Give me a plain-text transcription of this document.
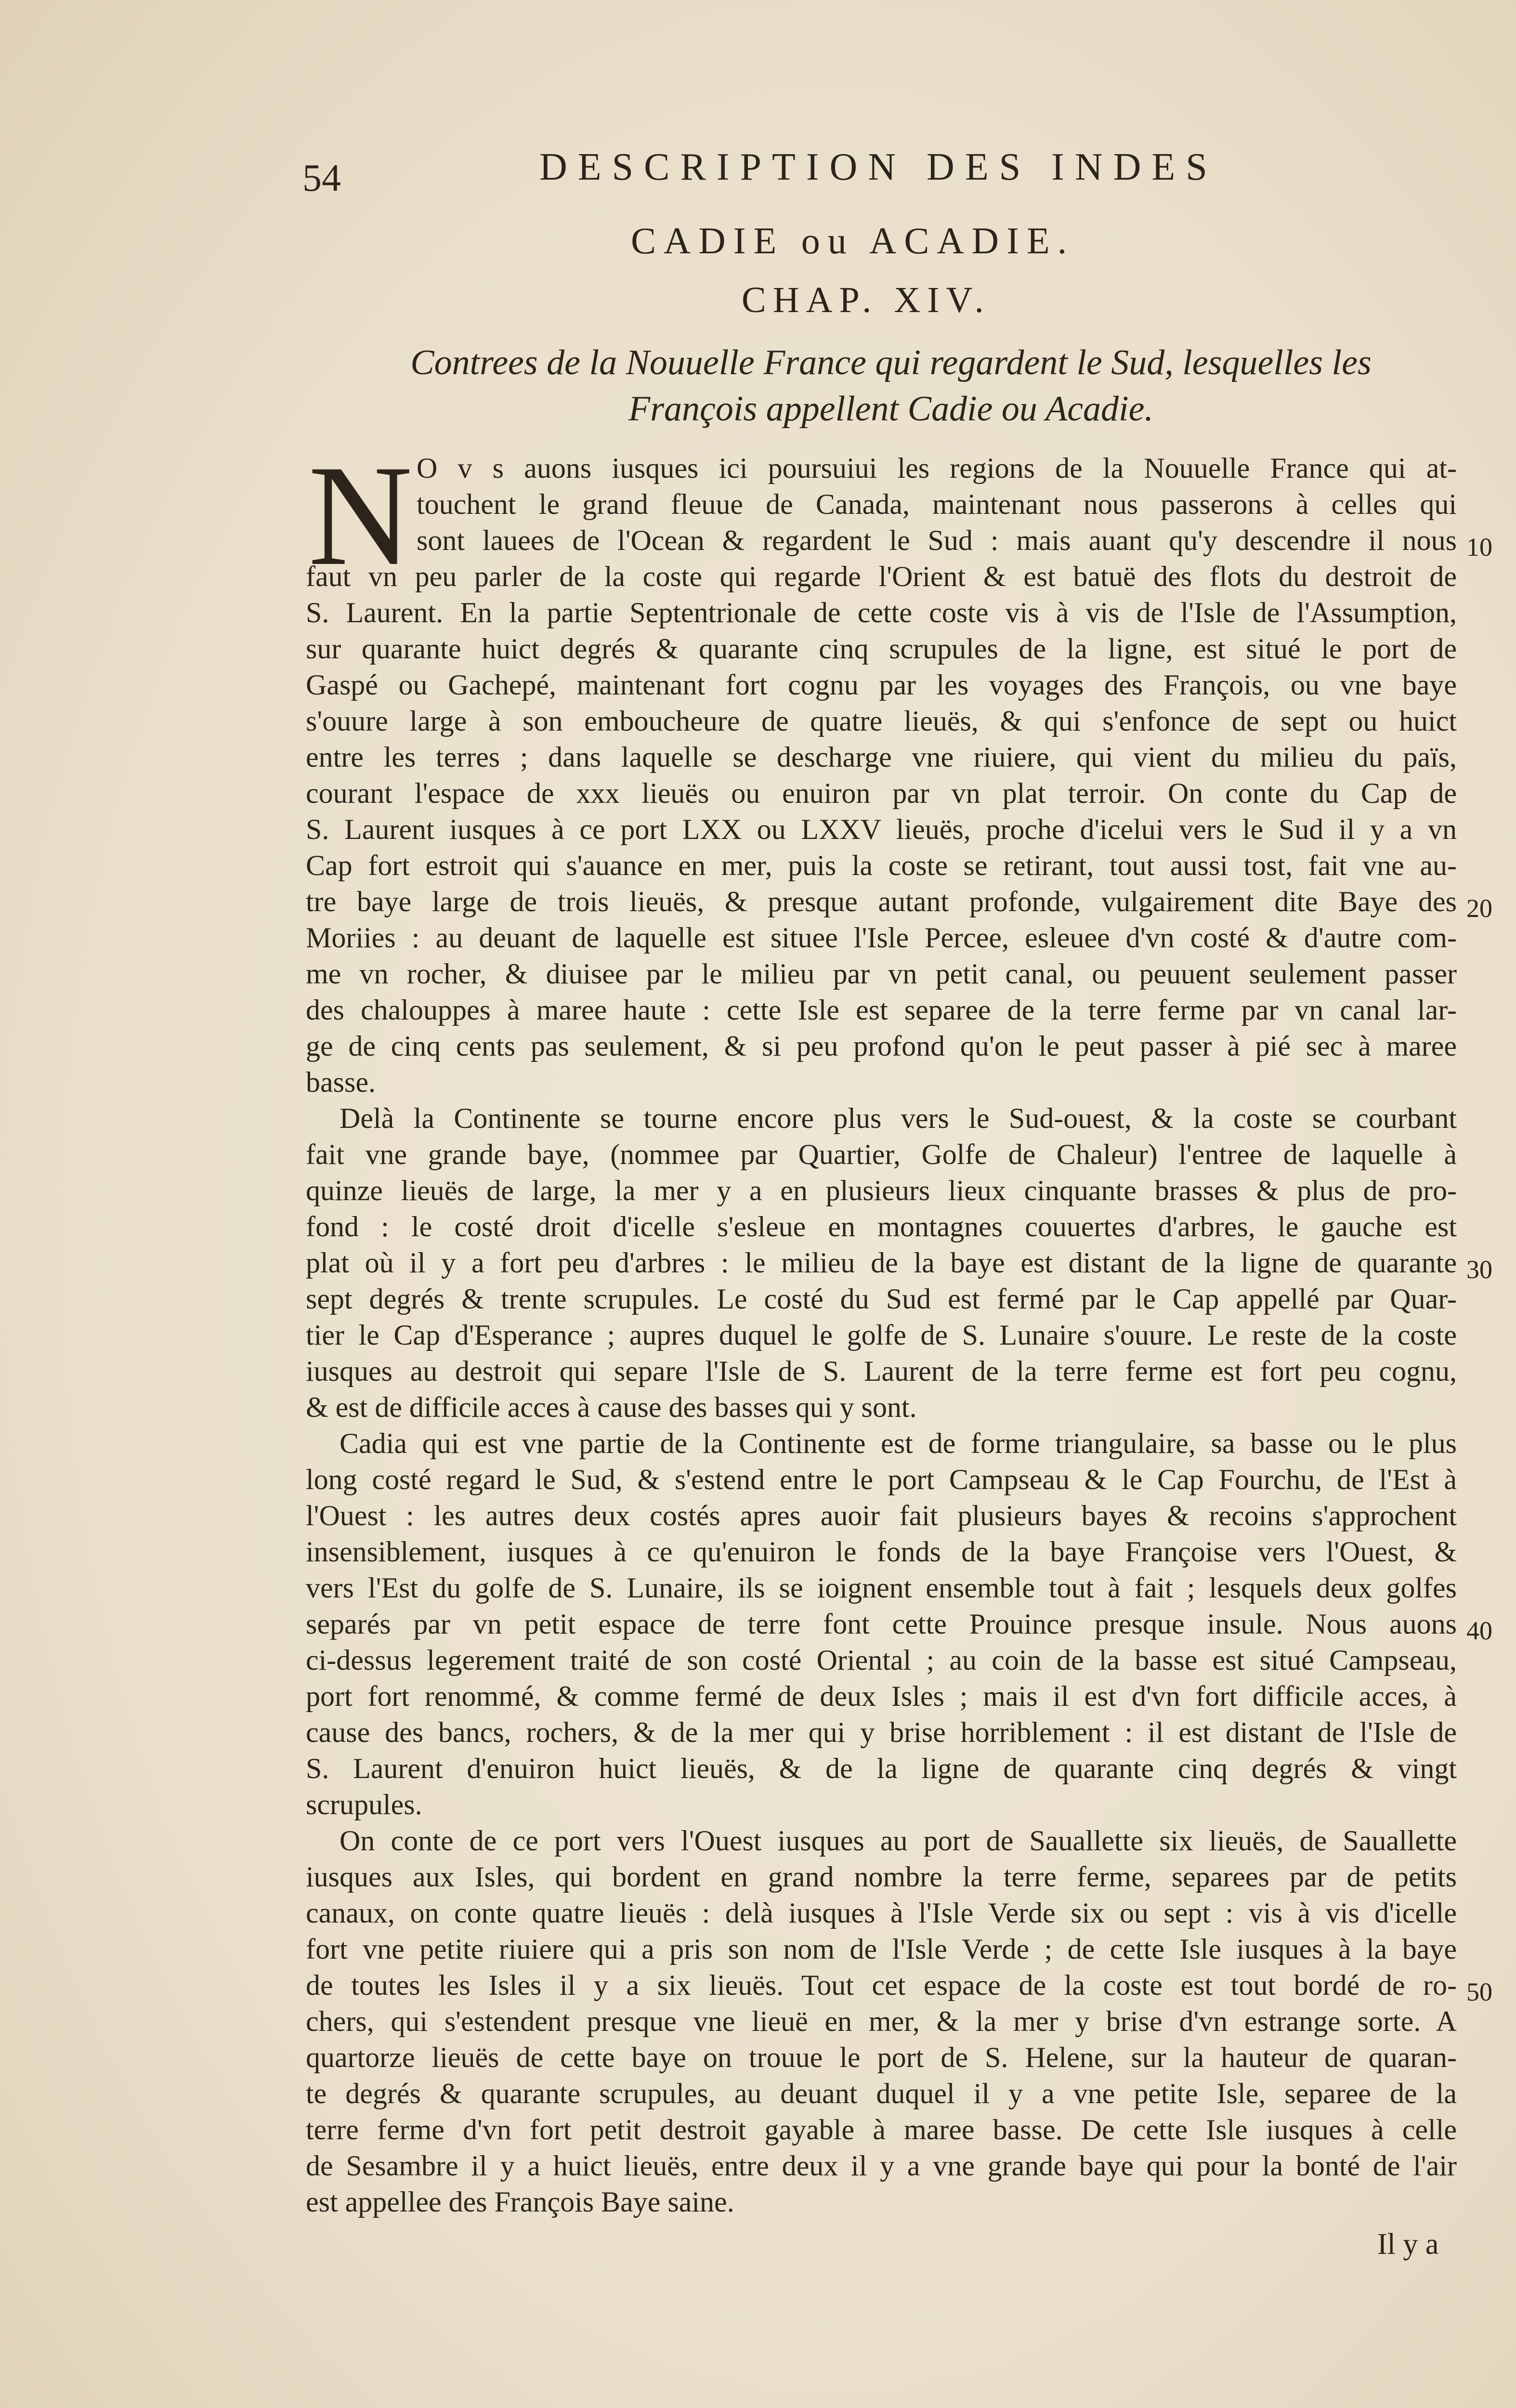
54	DESCRIPTION DES INDES
CADIE ou ACADIE.
CHAP. XIV.
Contrees de la Nouuelle France qui regardent le Sud, lesquelles les François appellent Cadie ou Acadie.
N O v s auons iusques ici poursuiui les regions de la Nouuelle France qui at-
touchent le grand fleuue de Canada, maintenant nous passerons à celles qui
sont lauees de l'Ocean & regardent le Sud : mais auant qu'y descendre il nous
faut vn peu parler de la coste qui regarde l'Orient & est batuë des flots du destroit de
S. Laurent. En la partie Septentrionale de cette coste vis à vis de l'Isle de l'Assumption,
sur quarante huict degrés & quarante cinq scrupules de la ligne, est situé le port de
Gaspé ou Gachepé, maintenant fort cognu par les voyages des François, ou vne baye
s'ouure large à son emboucheure de quatre lieuës, & qui s'enfonce de sept ou huict
entre les terres ; dans laquelle se descharge vne riuiere, qui vient du milieu du païs,
courant l'espace de xxx lieuës ou enuiron par vn plat terroir. On conte du Cap de
S. Laurent iusques à ce port LXX ou LXXV lieuës, proche d'icelui vers le Sud il y a vn
Cap fort estroit qui s'auance en mer, puis la coste se retirant, tout aussi tost, fait vne au-
tre baye large de trois lieuës, & presque autant profonde, vulgairement dite Baye des
Moriies : au deuant de laquelle est situee l'Isle Percee, esleuee d'vn costé & d'autre com-
me vn rocher, & diuisee par le milieu par vn petit canal, ou peuuent seulement passer
des chalouppes à maree haute : cette Isle est separee de la terre ferme par vn canal lar-
ge de cinq cents pas seulement, & si peu profond qu'on le peut passer à pié sec à maree
basse.
Delà la Continente se tourne encore plus vers le Sud-ouest, & la coste se courbant
fait vne grande baye, (nommee par Quartier, Golfe de Chaleur) l'entree de laquelle à
quinze lieuës de large, la mer y a en plusieurs lieux cinquante brasses & plus de pro-
fond : le costé droit d'icelle s'esleue en montagnes couuertes d'arbres, le gauche est
plat où il y a fort peu d'arbres : le milieu de la baye est distant de la ligne de quarante
sept degrés & trente scrupules. Le costé du Sud est fermé par le Cap appellé par Quar-
tier le Cap d'Esperance ; aupres duquel le golfe de S. Lunaire s'ouure. Le reste de la coste
iusques au destroit qui separe l'Isle de S. Laurent de la terre ferme est fort peu cognu,
& est de difficile acces à cause des basses qui y sont.
Cadia qui est vne partie de la Continente est de forme triangulaire, sa basse ou le plus
long costé regard le Sud, & s'estend entre le port Campseau & le Cap Fourchu, de l'Est à
l'Ouest : les autres deux costés apres auoir fait plusieurs bayes & recoins s'approchent
insensiblement, iusques à ce qu'enuiron le fonds de la baye Françoise vers l'Ouest, &
vers l'Est du golfe de S. Lunaire, ils se ioignent ensemble tout à fait ; lesquels deux golfes
separés par vn petit espace de terre font cette Prouince presque insule. Nous auons
ci-dessus legerement traité de son costé Oriental ; au coin de la basse est situé Campseau,
port fort renommé, & comme fermé de deux Isles ; mais il est d'vn fort difficile acces, à
cause des bancs, rochers, & de la mer qui y brise horriblement : il est distant de l'Isle de
S. Laurent d'enuiron huict lieuës, & de la ligne de quarante cinq degrés & vingt
scrupules.
On conte de ce port vers l'Ouest iusques au port de Sauallette six lieuës, de Sauallette
iusques aux Isles, qui bordent en grand nombre la terre ferme, separees par de petits
canaux, on conte quatre lieuës : delà iusques à l'Isle Verde six ou sept : vis à vis d'icelle
fort vne petite riuiere qui a pris son nom de l'Isle Verde ; de cette Isle iusques à la baye
de toutes les Isles il y a six lieuës. Tout cet espace de la coste est tout bordé de ro-
chers, qui s'estendent presque vne lieuë en mer, & la mer y brise d'vn estrange sorte. A
quartorze lieuës de cette baye on trouue le port de S. Helene, sur la hauteur de quaran-
te degrés & quarante scrupules, au deuant duquel il y a vne petite Isle, separee de la
terre ferme d'vn fort petit destroit gayable à maree basse. De cette Isle iusques à celle
de Sesambre il y a huict lieuës, entre deux il y a vne grande baye qui pour la bonté de l'air
est appellee des François Baye saine.
10
20
30
40
50
Il y a
